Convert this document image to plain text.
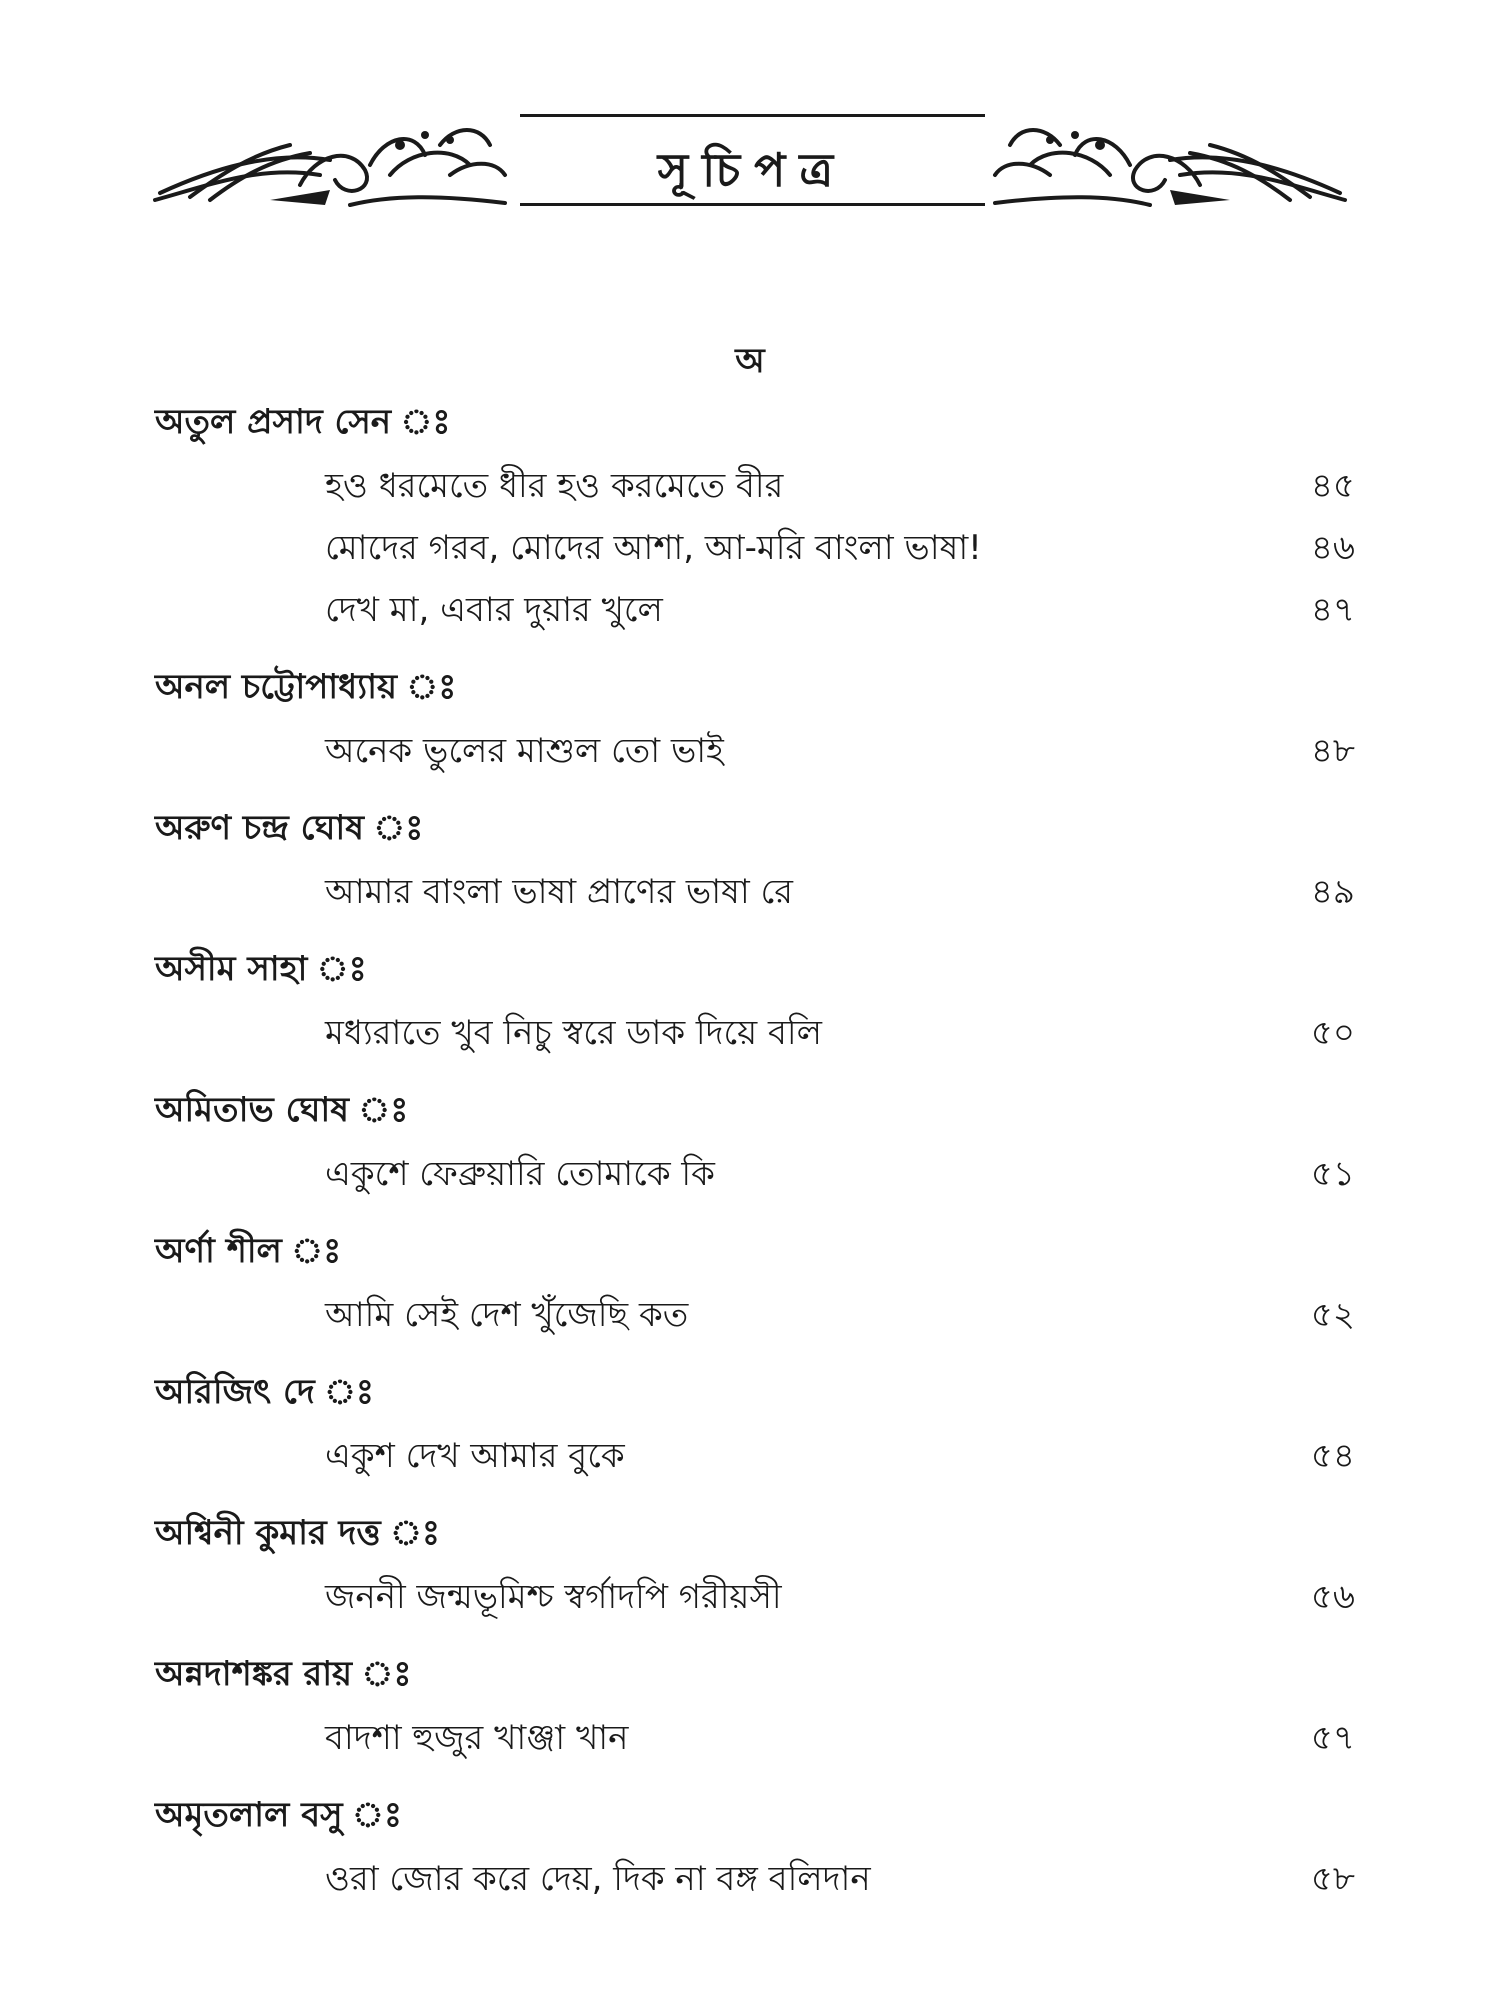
সূচিপত্র
অ
অতুল প্রসাদ সেন ঃ
হও ধরমেতে ধীর হও করমেতে বীর	৪৫
মোদের গরব, মোদের আশা, আ-মরি বাংলা ভাষা!	৪৬
দেখ মা, এবার দুয়ার খুলে	৪৭
অনল চট্টোপাধ্যায় ঃ
অনেক ভুলের মাশুল তো ভাই	৪৮
অরুণ চন্দ্র ঘোষ ঃ
আমার বাংলা ভাষা প্রাণের ভাষা রে	৪৯
অসীম সাহা ঃ
মধ্যরাতে খুব নিচু স্বরে ডাক দিয়ে বলি	৫০
অমিতাভ ঘোষ ঃ
একুশে ফেব্রুয়ারি তোমাকে কি	৫১
অর্ণা শীল ঃ
আমি সেই দেশ খুঁজেছি কত	৫২
অরিজিৎ দে ঃ
একুশ দেখ আমার বুকে	৫৪
অশ্বিনী কুমার দত্ত ঃ
জননী জন্মভূমিশ্চ স্বর্গাদপি গরীয়সী	৫৬
অন্নদাশঙ্কর রায় ঃ
বাদশা হুজুর খাঞ্জা খান	৫৭
অমৃতলাল বসু ঃ
ওরা জোর করে দেয়, দিক না বঙ্গ বলিদান	৫৮
